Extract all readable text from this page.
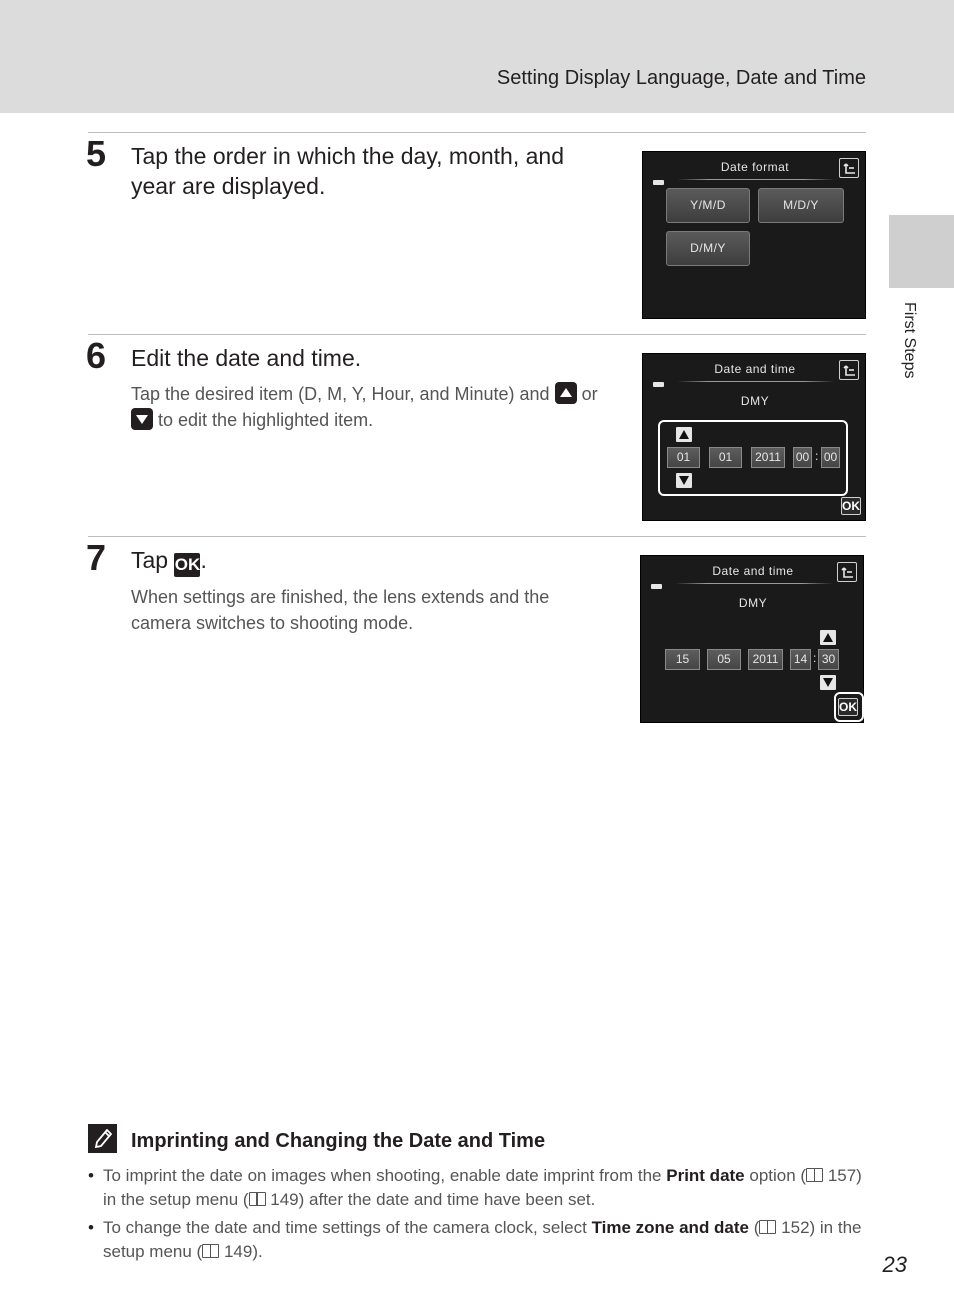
Setting Display Language, Date and Time
First Steps
5 Tap the order in which the day, month, and year are displayed.
Date format
Y/M/D	M/D/Y
D/M/Y
6 Edit the date and time.
Tap the desired item (D, M, Y, Hour, and Minute) and or
to edit the highlighted item.
Date and time
DMY
01	01	2011	00 : 00
OK
7 Tap OK.
When settings are finished, the lens extends and the camera switches to shooting mode.
Date and time
DMY
15	05	2011	14 : 30
OK
Imprinting and Changing the Date and Time
• To imprint the date on images when shooting, enable date imprint from the Print date option ( 157) in the setup menu ( 149) after the date and time have been set.
• To change the date and time settings of the camera clock, select Time zone and date ( 152) in the setup menu ( 149).
23
